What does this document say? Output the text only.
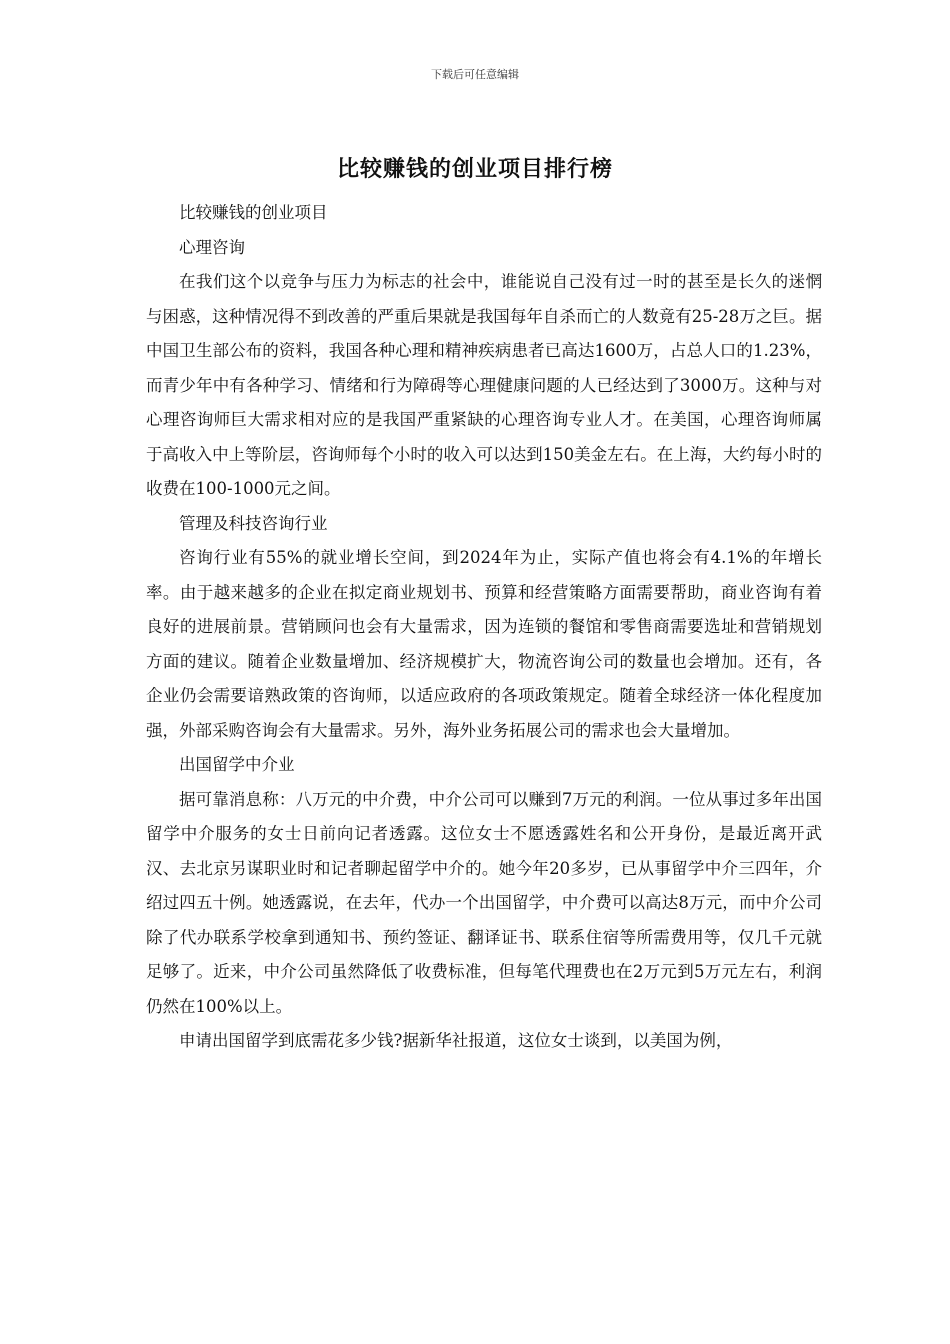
下载后可任意编辑
比较赚钱的创业项目排行榜

比较赚钱的创业项目

心理咨询

在我们这个以竞争与压力为标志的社会中，谁能说自己没有过一时的甚至是长久的迷惘与困惑，这种情况得不到改善的严重后果就是我国每年自杀而亡的人数竟有25-28万之巨。据中国卫生部公布的资料，我国各种心理和精神疾病患者已高达1600万，占总人口的1.23%，而青少年中有各种学习、情绪和行为障碍等心理健康问题的人已经达到了3000万。这种与对心理咨询师巨大需求相对应的是我国严重紧缺的心理咨询专业人才。在美国，心理咨询师属于高收入中上等阶层，咨询师每个小时的收入可以达到150美金左右。在上海，大约每小时的收费在100-1000元之间。

管理及科技咨询行业

咨询行业有55%的就业增长空间，到2024年为止，实际产值也将会有4.1%的年增长率。由于越来越多的企业在拟定商业规划书、预算和经营策略方面需要帮助，商业咨询有着良好的进展前景。营销顾问也会有大量需求，因为连锁的餐馆和零售商需要选址和营销规划方面的建议。随着企业数量增加、经济规模扩大，物流咨询公司的数量也会增加。还有，各企业仍会需要谙熟政策的咨询师，以适应政府的各项政策规定。随着全球经济一体化程度加强，外部采购咨询会有大量需求。另外，海外业务拓展公司的需求也会大量增加。

出国留学中介业

据可靠消息称：八万元的中介费，中介公司可以赚到7万元的利润。一位从事过多年出国留学中介服务的女士日前向记者透露。这位女士不愿透露姓名和公开身份，是最近离开武汉、去北京另谋职业时和记者聊起留学中介的。她今年20多岁，已从事留学中介三四年，介绍过四五十例。她透露说，在去年，代办一个出国留学，中介费可以高达8万元，而中介公司除了代办联系学校拿到通知书、预约签证、翻译证书、联系住宿等所需费用等，仅几千元就足够了。近来，中介公司虽然降低了收费标准，但每笔代理费也在2万元到5万元左右，利润仍然在100%以上。

申请出国留学到底需花多少钱?据新华社报道，这位女士谈到，以美国为例，
